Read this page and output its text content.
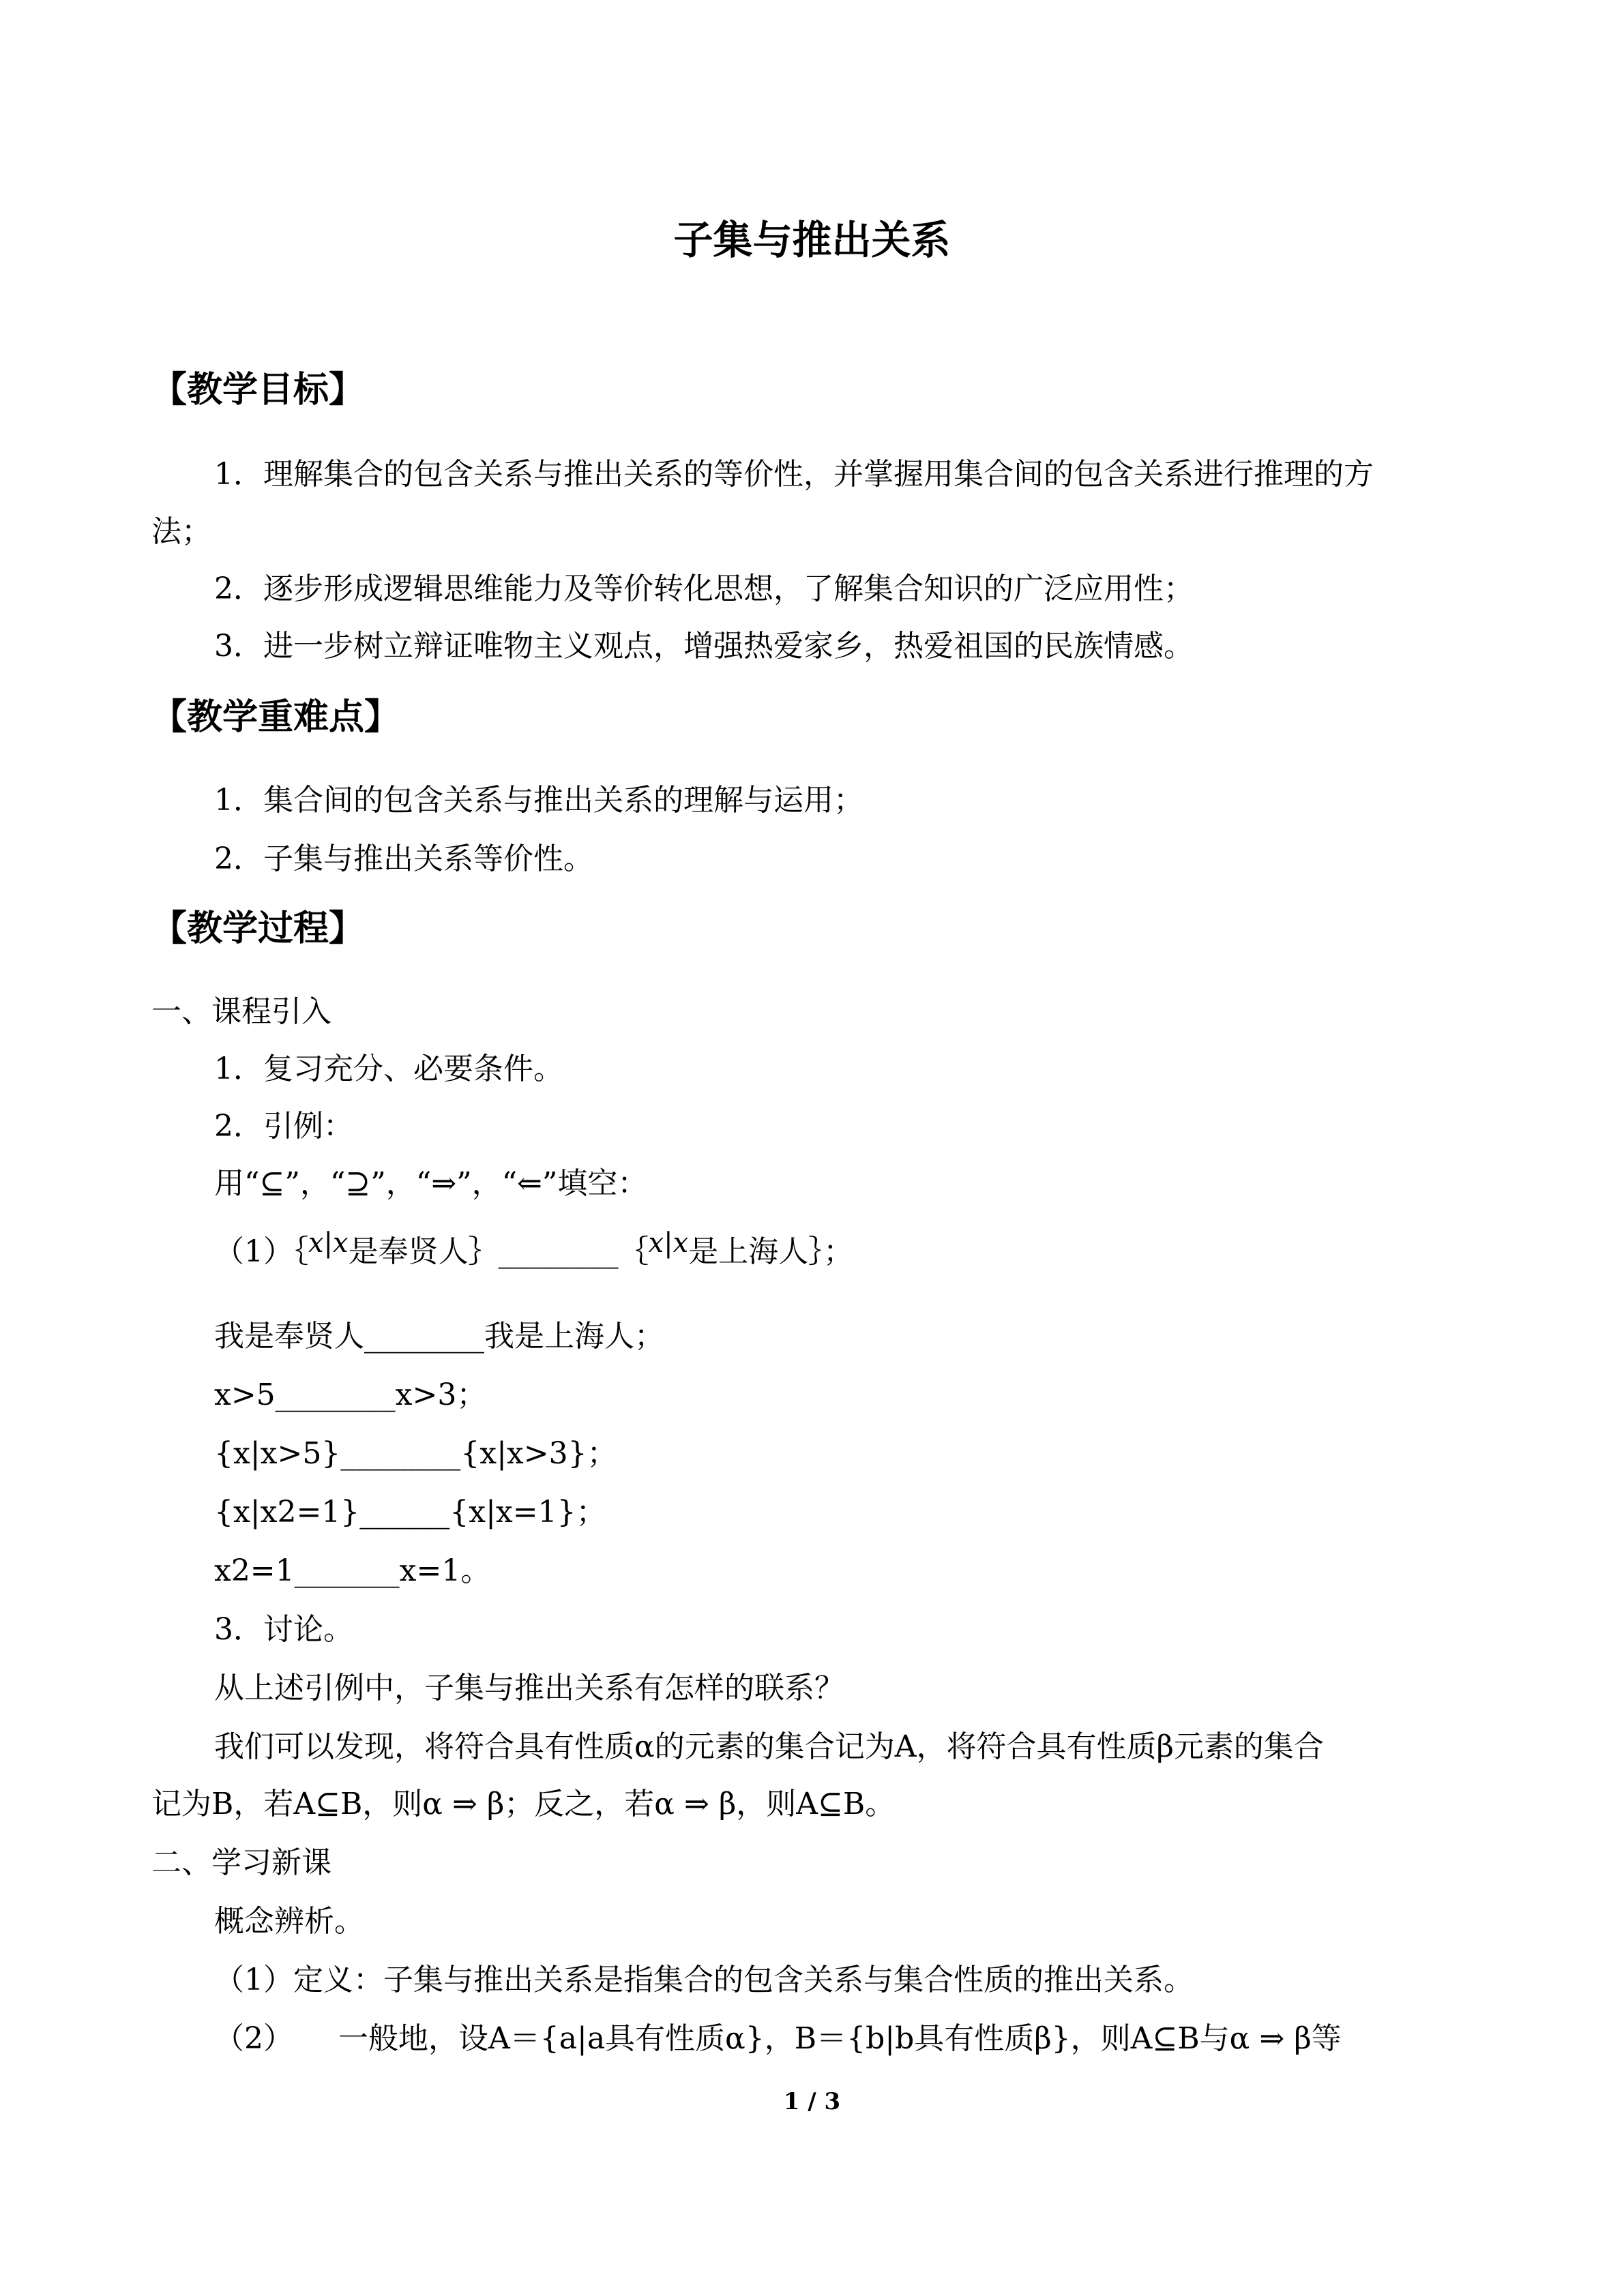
子集与推出关系
【教学目标】
1．理解集合的包含关系与推出关系的等价性，并掌握用集合间的包含关系进行推理的方
法；
2．逐步形成逻辑思维能力及等价转化思想，了解集合知识的广泛应用性；
3．进一步树立辩证唯物主义观点，增强热爱家乡，热爱祖国的民族情感。
【教学重难点】
1．集合间的包含关系与推出关系的理解与运用；
2．子集与推出关系等价性。
【教学过程】
一、课程引入
1．复习充分、必要条件。
2．引例：
用“⊆”，“⊇”，“⇒”，“⇐”填空：
（1）｛x|x是奉贤人｝________｛x|x是上海人｝；
我是奉贤人________我是上海人；
x>5________x>3；
{x|x>5}________{x|x>3}；
{x|x2=1}______{x|x=1}；
x2=1_______x=1。
3．讨论。
从上述引例中，子集与推出关系有怎样的联系？
我们可以发现，将符合具有性质α的元素的集合记为A，将符合具有性质β元素的集合
记为B，若A⊆B，则α ⇒ β；反之，若α ⇒ β，则A⊆B。
二、学习新课
概念辨析。
（1）定义：子集与推出关系是指集合的包含关系与集合性质的推出关系。
（2）　　一般地，设A＝{a|a具有性质α}，B＝{b|b具有性质β}，则A⊆B与α ⇒ β等
1 / 3
